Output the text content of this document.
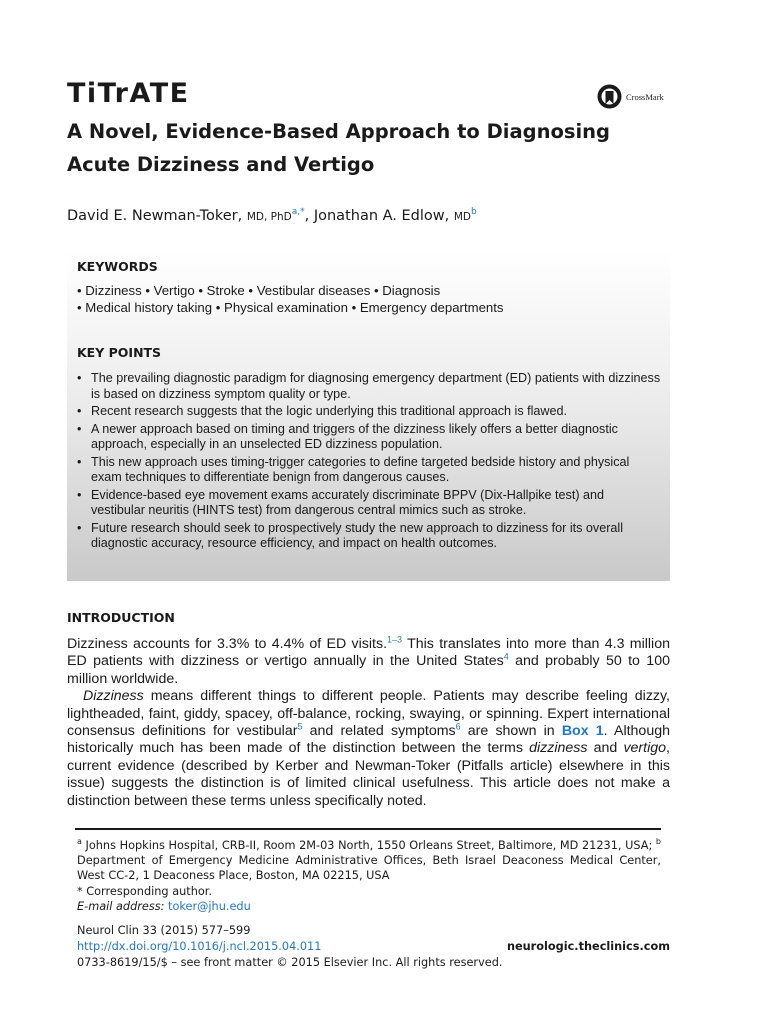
TiTrATE
A Novel, Evidence-Based Approach to Diagnosing Acute Dizziness and Vertigo
CrossMark

David E. Newman-Toker, MD, PhD$^{a,*}$, Jonathan A. Edlow, $MD^b$

KEYWORDS

• Dizziness • Vertigo • Stroke • Vestibular diseases • Diagnosis

• Medical history taking • Physical examination • Emergency departments

KEY POINTS
• The prevailing diagnostic paradigm for diagnosing emergency department (ED) patients with dizziness is based on dizziness symptom quality or type.
• Recent research suggests that the logic underlying this traditional approach is flawed.
• A newer approach based on timing and triggers of the dizziness likely offers a better diagnostic approach, especially in an unselected ED dizziness population.
• This new approach uses timing-trigger categories to define targeted bedside history and physical exam techniques to differentiate benign from dangerous causes.
• Evidence-based eye movement exams accurately discriminate BPPV (Dix-Hallpike test) and vestibular neuritis (HINTS test) from dangerous central mimics such as stroke.
• Future research should seek to prospectively study the new approach to dizziness for its overall diagnostic accuracy, resource efficiency, and impact on health outcomes.
INTRODUCTION

Dizziness accounts for 3.3% to 4.4% of ED visits.$^{1-3}$ This translates into more than 4.3 million ED patients with dizziness or vertigo annually in the United States$^4$ and probably 50 to 100 million worldwide.

Dizziness means different things to different people. Patients may describe feeling dizzy, lightheaded, faint, giddy, spacey, off-balance, rocking, swaying, or spinning. Expert international consensus definitions for vestibular$^5$ and related symptoms$^6$ are shown in Box 1. Although historically much has been made of the distinction between the terms dizziness and vertigo, current evidence (described by Kerber and Newman-Toker (Pitfalls article) elsewhere in this issue) suggests the distinction is of limited clinical usefulness. This article does not make a distinction between these terms unless specifically noted.

$^a$ Johns Hopkins Hospital, CRB-II, Room 2M-03 North, 1550 Orleans Street, Baltimore, MD 21231, USA; $^b$ Department of Emergency Medicine Administrative Offices, Beth Israel Deaconess Medical Center, West CC-2, 1 Deaconess Place, Boston, MA 02215, USA

* Corresponding author.

E-mail address: toker@jhu.edu

Neurol Clin 33 (2015) 577–599
http://dx.doi.org/10.1016/j.ncl.2015.04.011	neurologic.theclinics.com
0733-8619/15/$ – see front matter © 2015 Elsevier Inc. All rights reserved.
